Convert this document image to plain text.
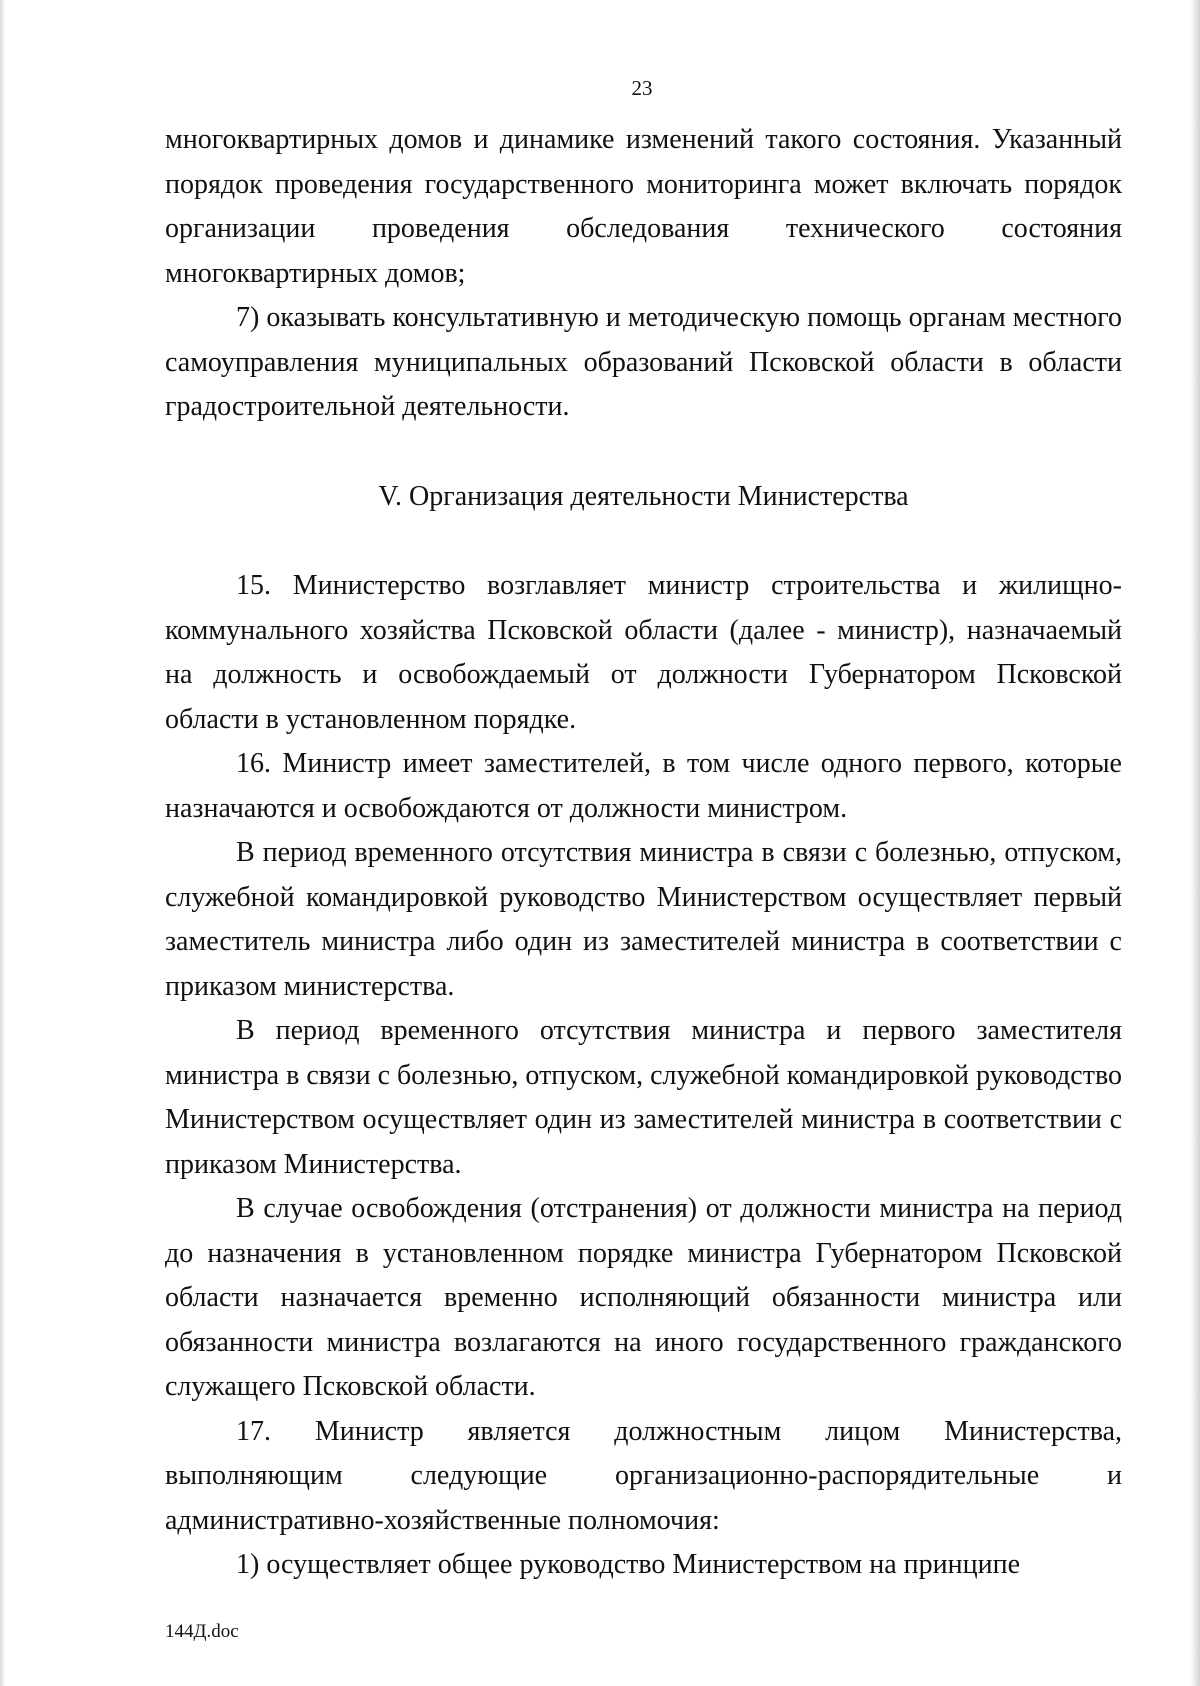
23

многоквартирных домов и динамике изменений такого состояния. Указанный порядок проведения государственного мониторинга может включать порядок организации проведения обследования технического состояния многоквартирных домов;

7) оказывать консультативную и методическую помощь органам местного самоуправления муниципальных образований Псковской области в области градостроительной деятельности.

V. Организация деятельности Министерства

15. Министерство возглавляет министр строительства и жилищно-коммунального хозяйства Псковской области (далее - министр), назначаемый на должность и освобождаемый от должности Губернатором Псковской области в установленном порядке.

16. Министр имеет заместителей, в том числе одного первого, которые назначаются и освобождаются от должности министром.

В период временного отсутствия министра в связи с болезнью, отпуском, служебной командировкой руководство Министерством осуществляет первый заместитель министра либо один из заместителей министра в соответствии с приказом министерства.

В период временного отсутствия министра и первого заместителя министра в связи с болезнью, отпуском, служебной командировкой руководство Министерством осуществляет один из заместителей министра в соответствии с приказом Министерства.

В случае освобождения (отстранения) от должности министра на период до назначения в установленном порядке министра Губернатором Псковской области назначается временно исполняющий обязанности министра или обязанности министра возлагаются на иного государственного гражданского служащего Псковской области.

17. Министр является должностным лицом Министерства, выполняющим следующие организационно-распорядительные и административно-хозяйственные полномочия:

1) осуществляет общее руководство Министерством на принципе

144Д.doc
